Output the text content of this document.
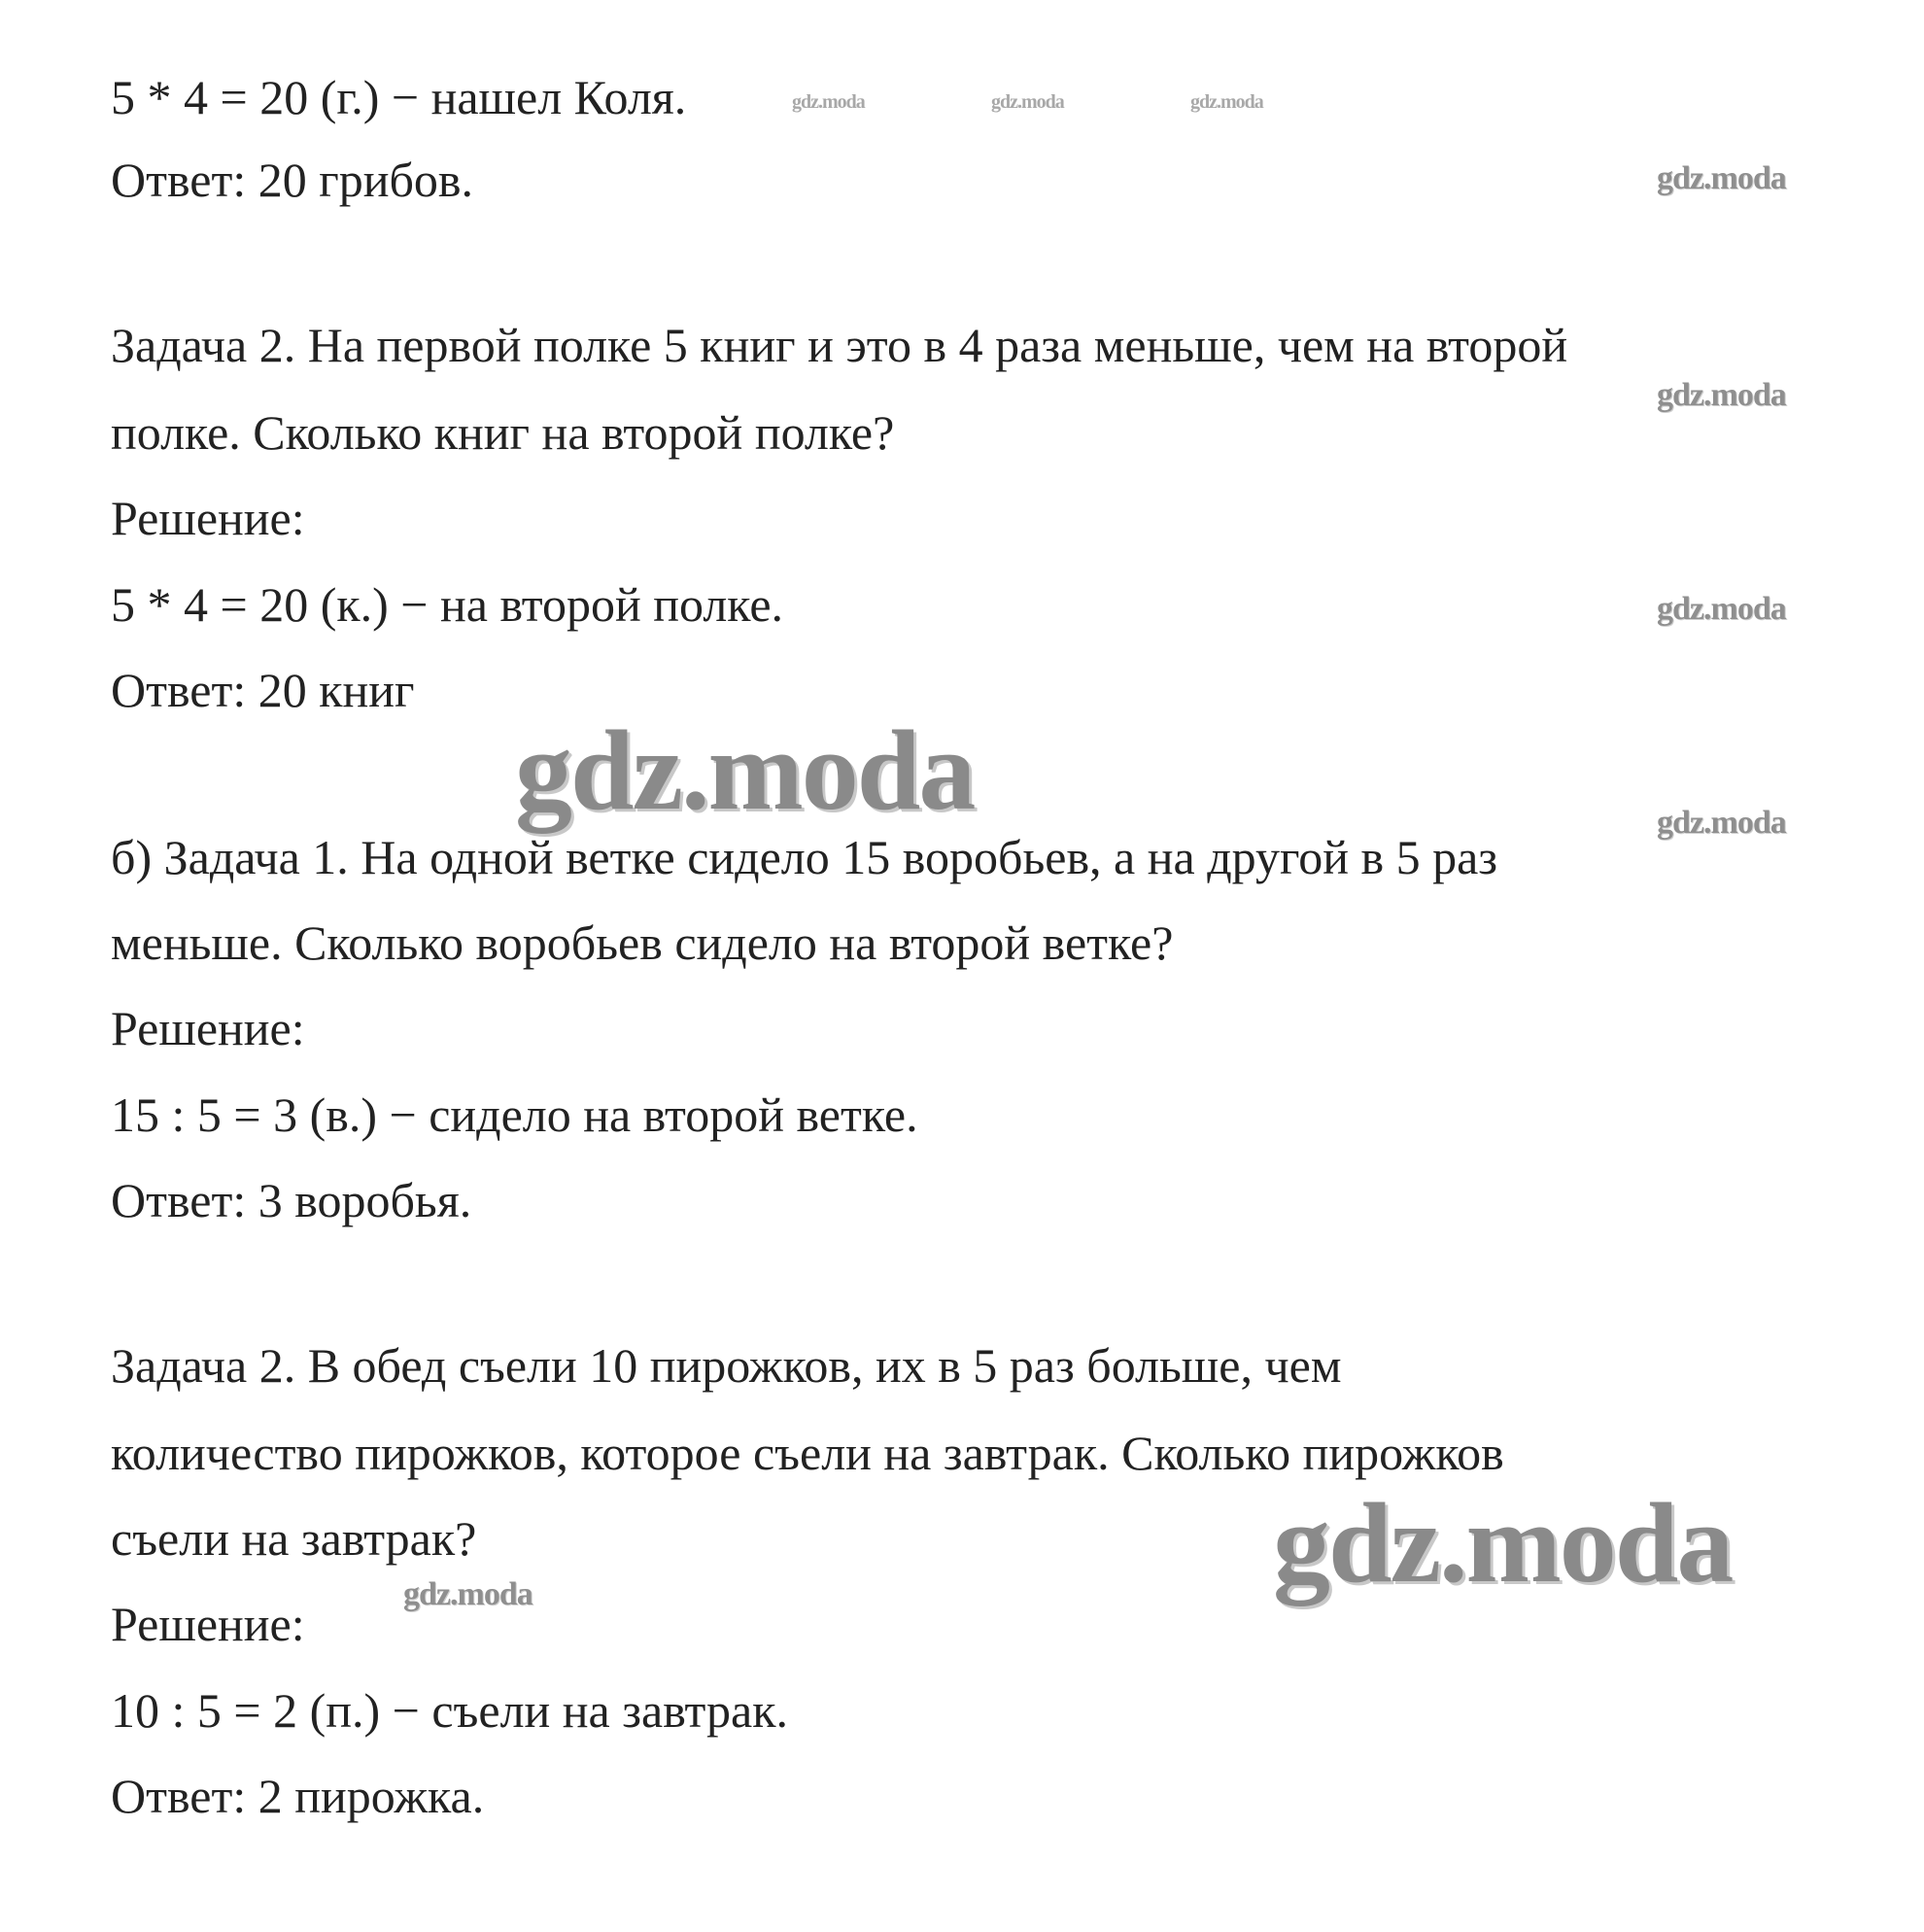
5 * 4 = 20 (г.) − нашел Коля.

Ответ: 20 грибов.

Задача 2. На первой полке 5 книг и это в 4 раза меньше, чем на второй

полке. Сколько книг на второй полке?

Решение:

5 * 4 = 20 (к.) − на второй полке.

Ответ: 20 книг

б) Задача 1. На одной ветке сидело 15 воробьев, а на другой в 5 раз

меньше. Сколько воробьев сидело на второй ветке?

Решение:

15 : 5 = 3 (в.) − сидело на второй ветке.

Ответ: 3 воробья.

Задача 2. В обед съели 10 пирожков, их в 5 раз больше, чем

количество пирожков, которое съели на завтрак. Сколько пирожков

съели на завтрак?

Решение:

10 : 5 = 2 (п.) − съели на завтрак.

Ответ: 2 пирожка.

gdz.moda	gdz.moda	gdz.moda
gdz.moda
gdz.moda
gdz.moda
gdz.moda	gdz.moda
gdz.moda
gdz.moda
